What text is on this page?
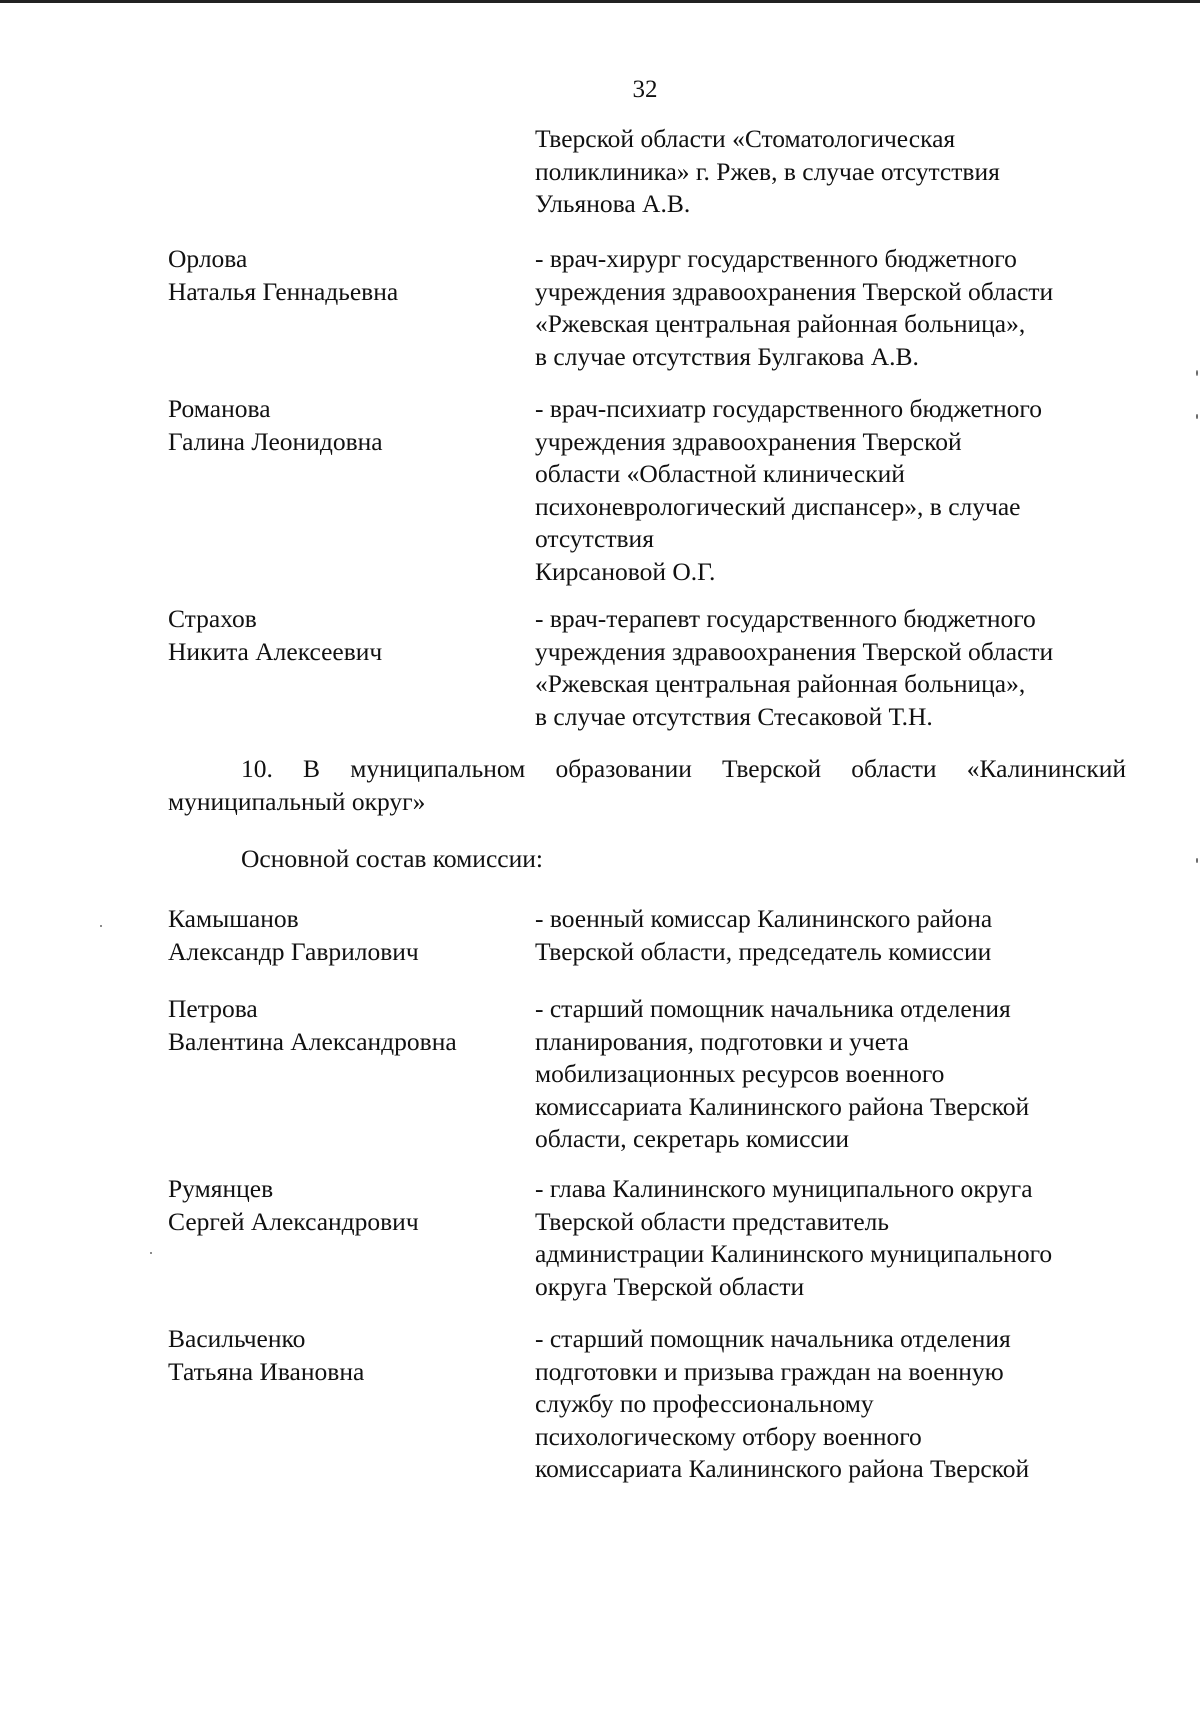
32
Тверской области «Стоматологическая
поликлиника» г. Ржев, в случае отсутствия
Ульянова А.В.
Орлова
Наталья Геннадьевна
- врач-хирург государственного бюджетного
учреждения здравоохранения Тверской области
«Ржевская центральная районная больница»,
в случае отсутствия Булгакова А.В.
Романова
Галина Леонидовна
- врач-психиатр государственного бюджетного
учреждения здравоохранения Тверской
области «Областной клинический
психоневрологический диспансер», в случае
отсутствия
Кирсановой О.Г.
Страхов
Никита Алексеевич
- врач-терапевт государственного бюджетного
учреждения здравоохранения Тверской области
«Ржевская центральная районная больница»,
в случае отсутствия Стесаковой Т.Н.
10. В муниципальном образовании Тверской области «Калининский муниципальный округ»
Основной состав комиссии:
Камышанов
Александр Гаврилович
- военный комиссар Калининского района
Тверской области, председатель комиссии
Петрова
Валентина Александровна
- старший помощник начальника отделения
планирования, подготовки и учета
мобилизационных ресурсов военного
комиссариата Калининского района Тверской
области, секретарь комиссии
Румянцев
Сергей Александрович
- глава Калининского муниципального округа
Тверской области представитель
администрации Калининского муниципального
округа Тверской области
Васильченко
Татьяна Ивановна
- старший помощник начальника отделения
подготовки и призыва граждан на военную
службу по профессиональному
психологическому отбору военного
комиссариата Калининского района Тверской
